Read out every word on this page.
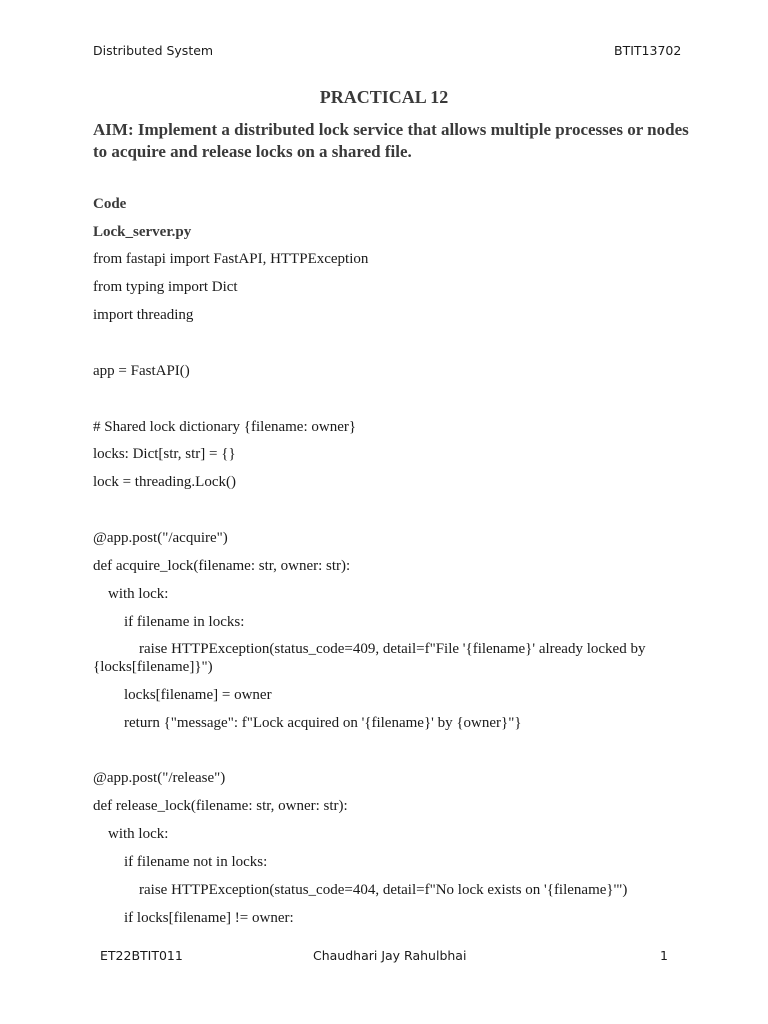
Distributed System	BTIT13702
PRACTICAL 12
AIM: Implement a distributed lock service that allows multiple processes or nodes to acquire and release locks on a shared file.
Code
Lock_server.py
from fastapi import FastAPI, HTTPException
from typing import Dict
import threading
app = FastAPI()
# Shared lock dictionary {filename: owner}
locks: Dict[str, str] = {}
lock = threading.Lock()
@app.post("/acquire")
def acquire_lock(filename: str, owner: str):
with lock:
if filename in locks:
raise HTTPException(status_code=409, detail=f"File '{filename}' already locked by
{locks[filename]}")
locks[filename] = owner
return {"message": f"Lock acquired on '{filename}' by {owner}"}
@app.post("/release")
def release_lock(filename: str, owner: str):
with lock:
if filename not in locks:
raise HTTPException(status_code=404, detail=f"No lock exists on '{filename}'")
if locks[filename] != owner:
ET22BTIT011	Chaudhari Jay Rahulbhai	1
